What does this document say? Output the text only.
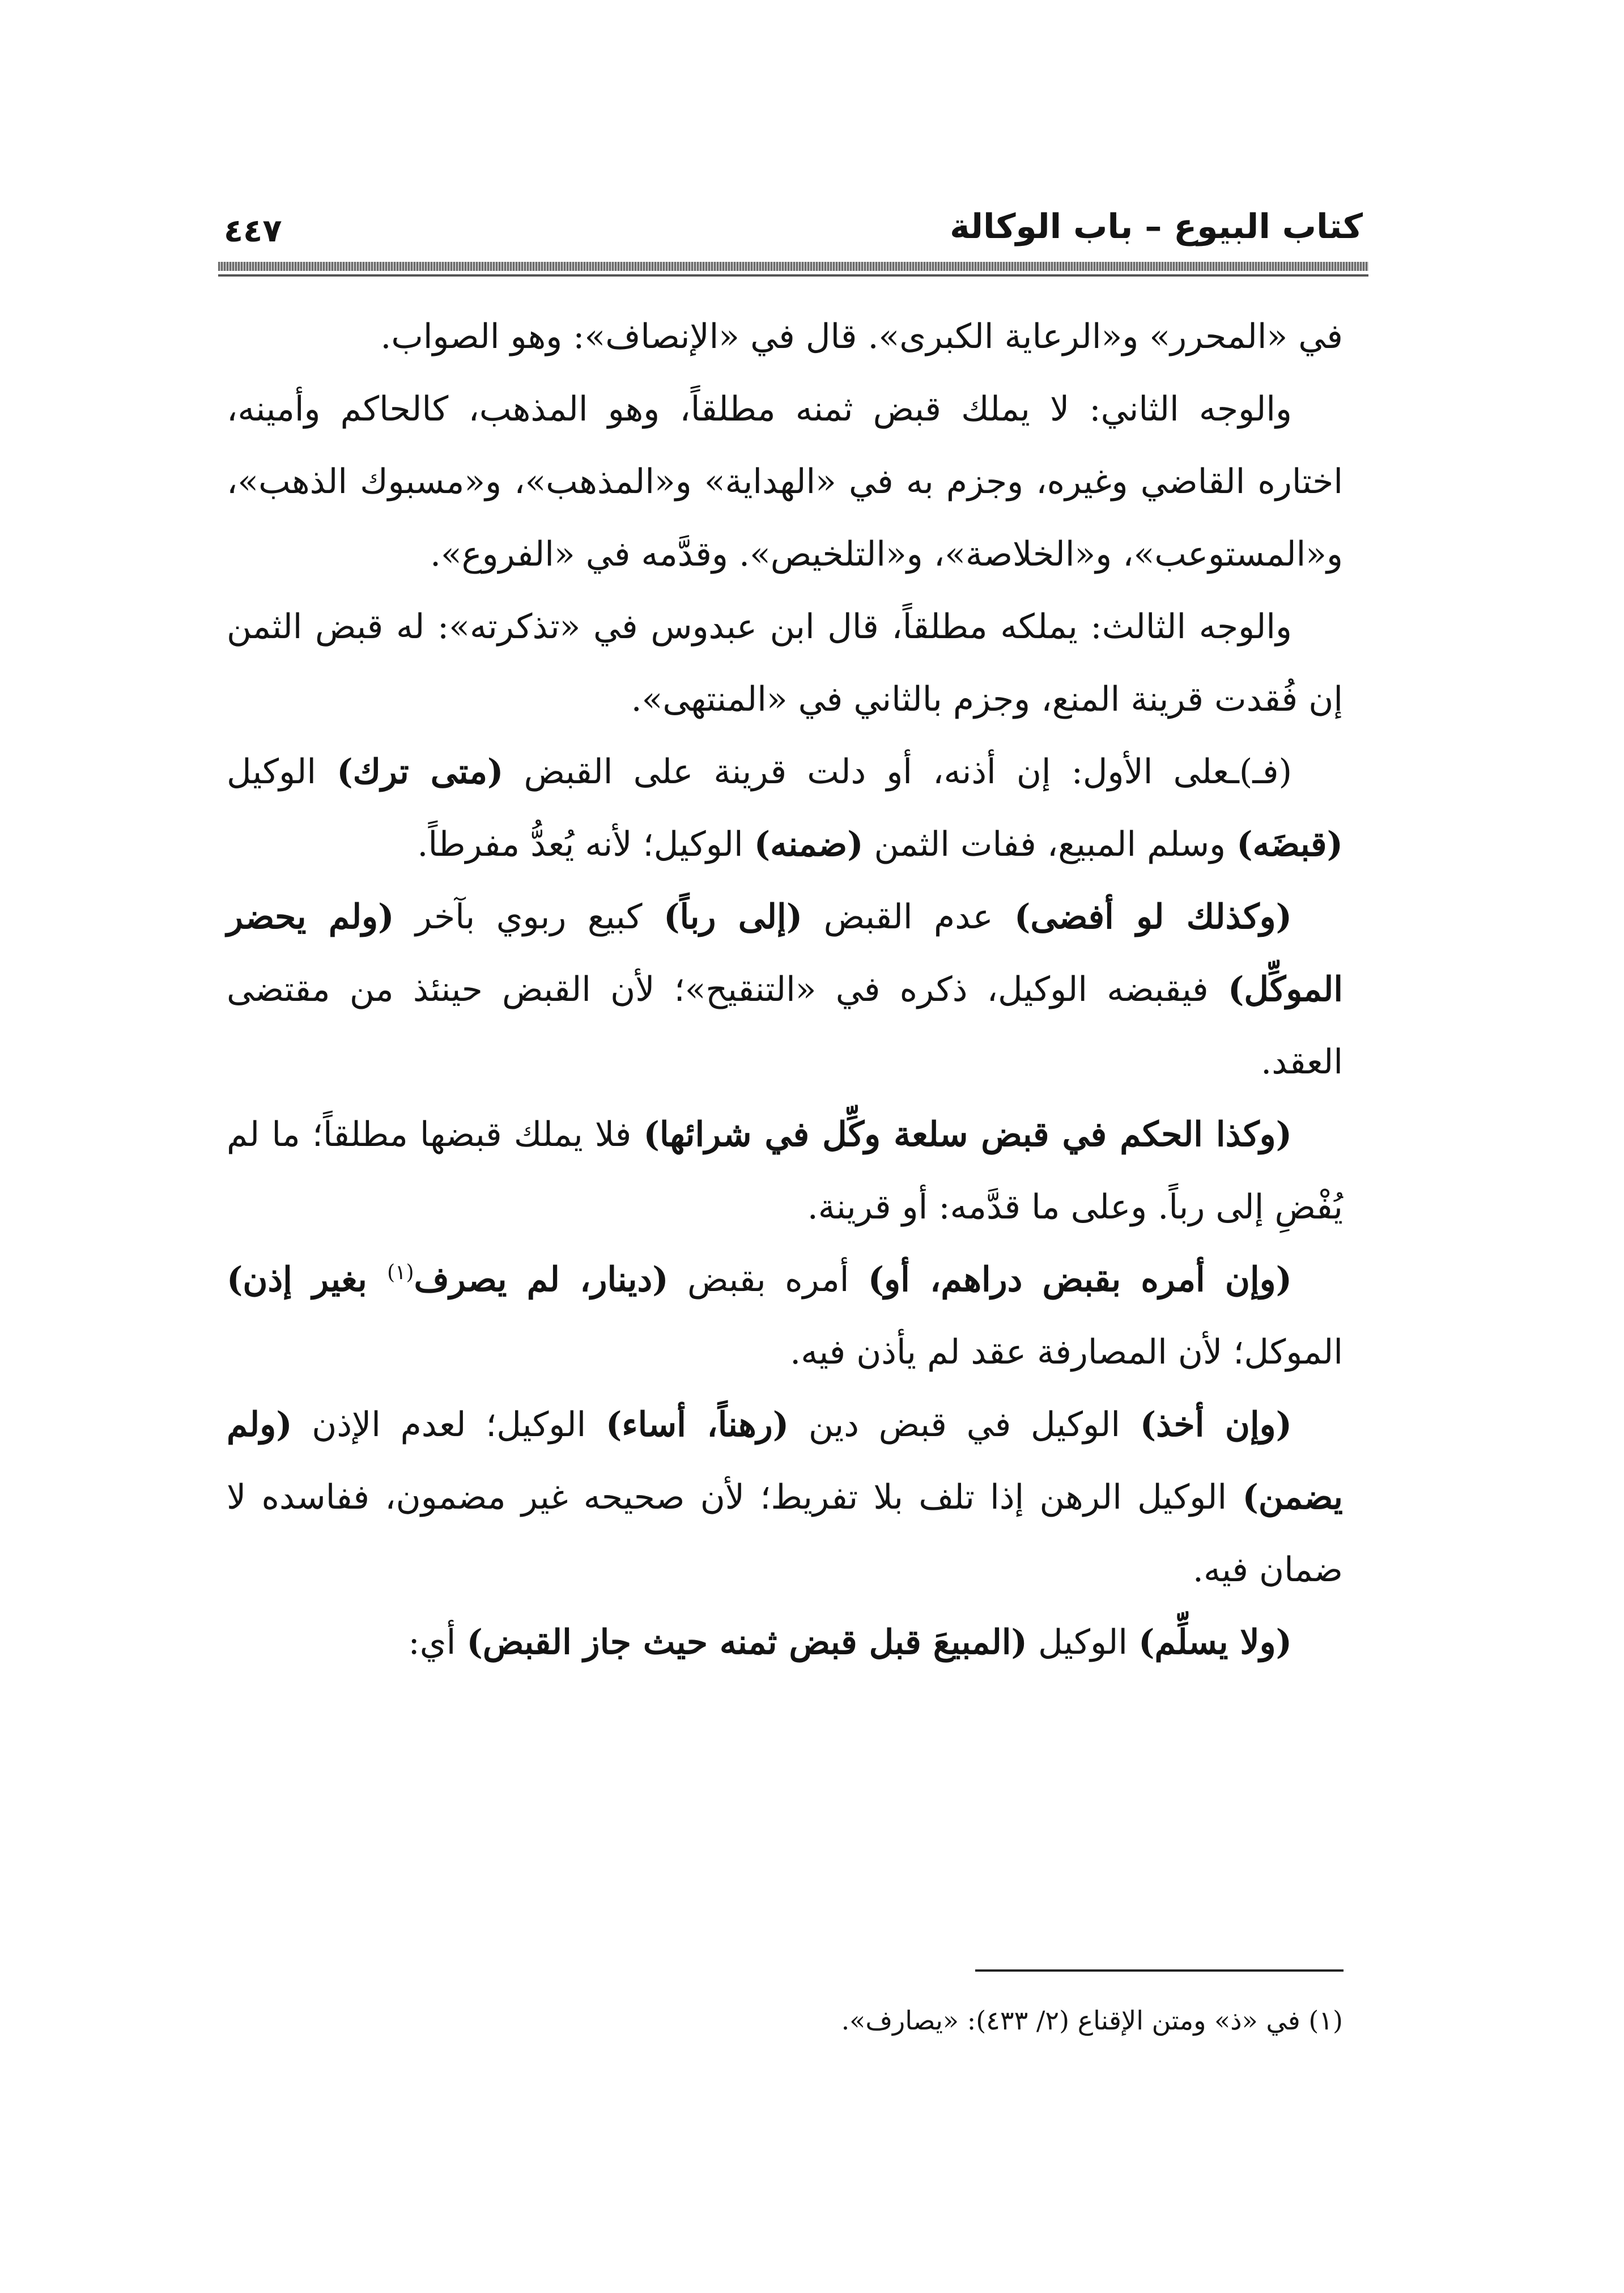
كتاب البيوع – باب الوكالة
٤٤٧

في «المحرر» و«الرعاية الكبرى». قال في «الإنصاف»: وهو الصواب.

والوجه الثاني: لا يملك قبض ثمنه مطلقاً، وهو المذهب، كالحاكم وأمينه، اختاره القاضي وغيره، وجزم به في «الهداية» و«المذهب»، و«مسبوك الذهب»، و«المستوعب»، و«الخلاصة»، و«التلخيص». وقدَّمه في «الفروع».

والوجه الثالث: يملكه مطلقاً، قال ابن عبدوس في «تذكرته»: له قبض الثمن إن فُقدت قرينة المنع، وجزم بالثاني في «المنتهى».

(فـ)ـعلى الأول: إن أذنه، أو دلت قرينة على القبض (متى ترك) الوكيل (قبضَه) وسلم المبيع، ففات الثمن (ضمنه) الوكيل؛ لأنه يُعدُّ مفرطاً.

(وكذلك لو أفضى) عدم القبض (إلى رباً) كبيع ربوي بآخر (ولم يحضر الموكِّل) فيقبضه الوكيل، ذكره في «التنقيح»؛ لأن القبض حينئذ من مقتضى العقد.

(وكذا الحكم في قبض سلعة وكِّل في شرائها) فلا يملك قبضها مطلقاً؛ ما لم يُفْضِ إلى رباً. وعلى ما قدَّمه: أو قرينة.

(وإن أمره بقبض دراهم، أو) أمره بقبض (دينار، لم يصرف$^{(١)}$ بغير إذن) الموكل؛ لأن المصارفة عقد لم يأذن فيه.

(وإن أخذ) الوكيل في قبض دين (رهناً، أساء) الوكيل؛ لعدم الإذن (ولم يضمن) الوكيل الرهن إذا تلف بلا تفريط؛ لأن صحيحه غير مضمون، ففاسده لا ضمان فيه.

(ولا يسلِّم) الوكيل (المبيعَ قبل قبض ثمنه حيث جاز القبض) أي:

(١) في «ذ» ومتن الإقناع (٢/ ٤٣٣): «يصارف».
